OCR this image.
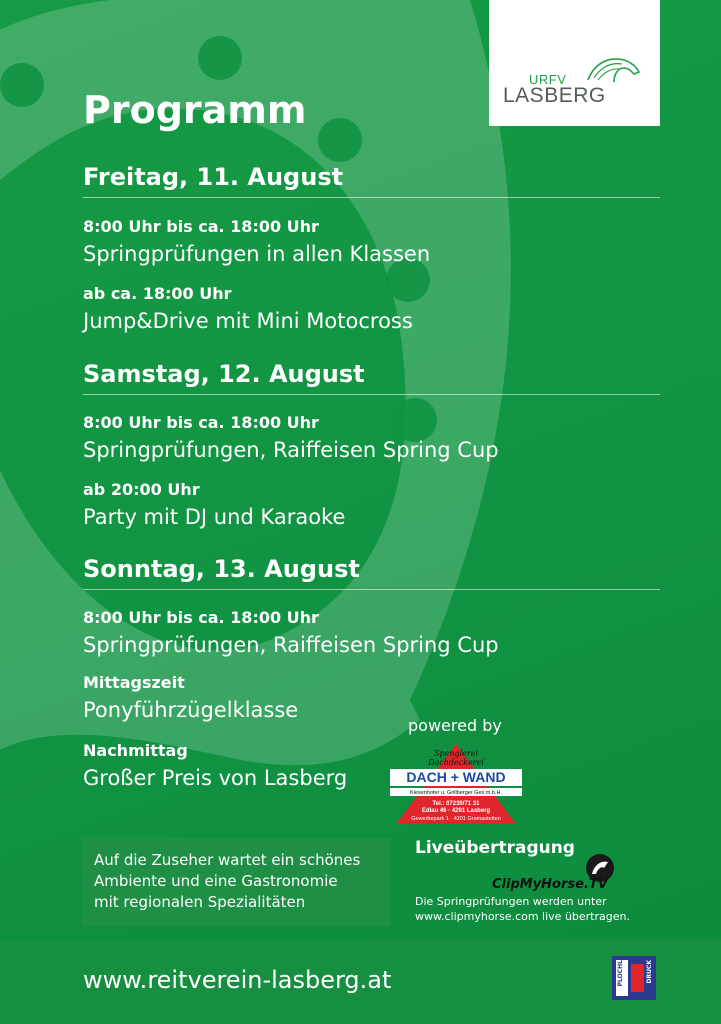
URFV
LASBERG
Programm
Freitag, 11. August
8:00 Uhr bis ca. 18:00 Uhr
Springprüfungen in allen Klassen
ab ca. 18:00 Uhr
Jump&Drive mit Mini Motocross
Samstag, 12. August
8:00 Uhr bis ca. 18:00 Uhr
Springprüfungen, Raiffeisen Spring Cup
ab 20:00 Uhr
Party mit DJ und Karaoke
Sonntag, 13. August
8:00 Uhr bis ca. 18:00 Uhr
Springprüfungen, Raiffeisen Spring Cup
Mittagszeit
Ponyführzügelklasse
Nachmittag
Großer Preis von Lasberg
powered by
Spenglerei
Dachdeckerei
DACH + WAND
Kiesenhofer u. Grillberger Ges.m.b.H.
Tel.: 07239/71 31
Edlau 46 · 4291 Lasberg
Gewerbepark 1 · 4201 Gramastetten
Auf die Zuseher wartet ein schönes
Ambiente und eine Gastronomie
mit regionalen Spezialitäten
Liveübertragung
ClipMyHorse.TV
Die Springprüfungen werden unter
www.clipmyhorse.com live übertragen.
www.reitverein-lasberg.at	PLÖCHL	DRUCK
